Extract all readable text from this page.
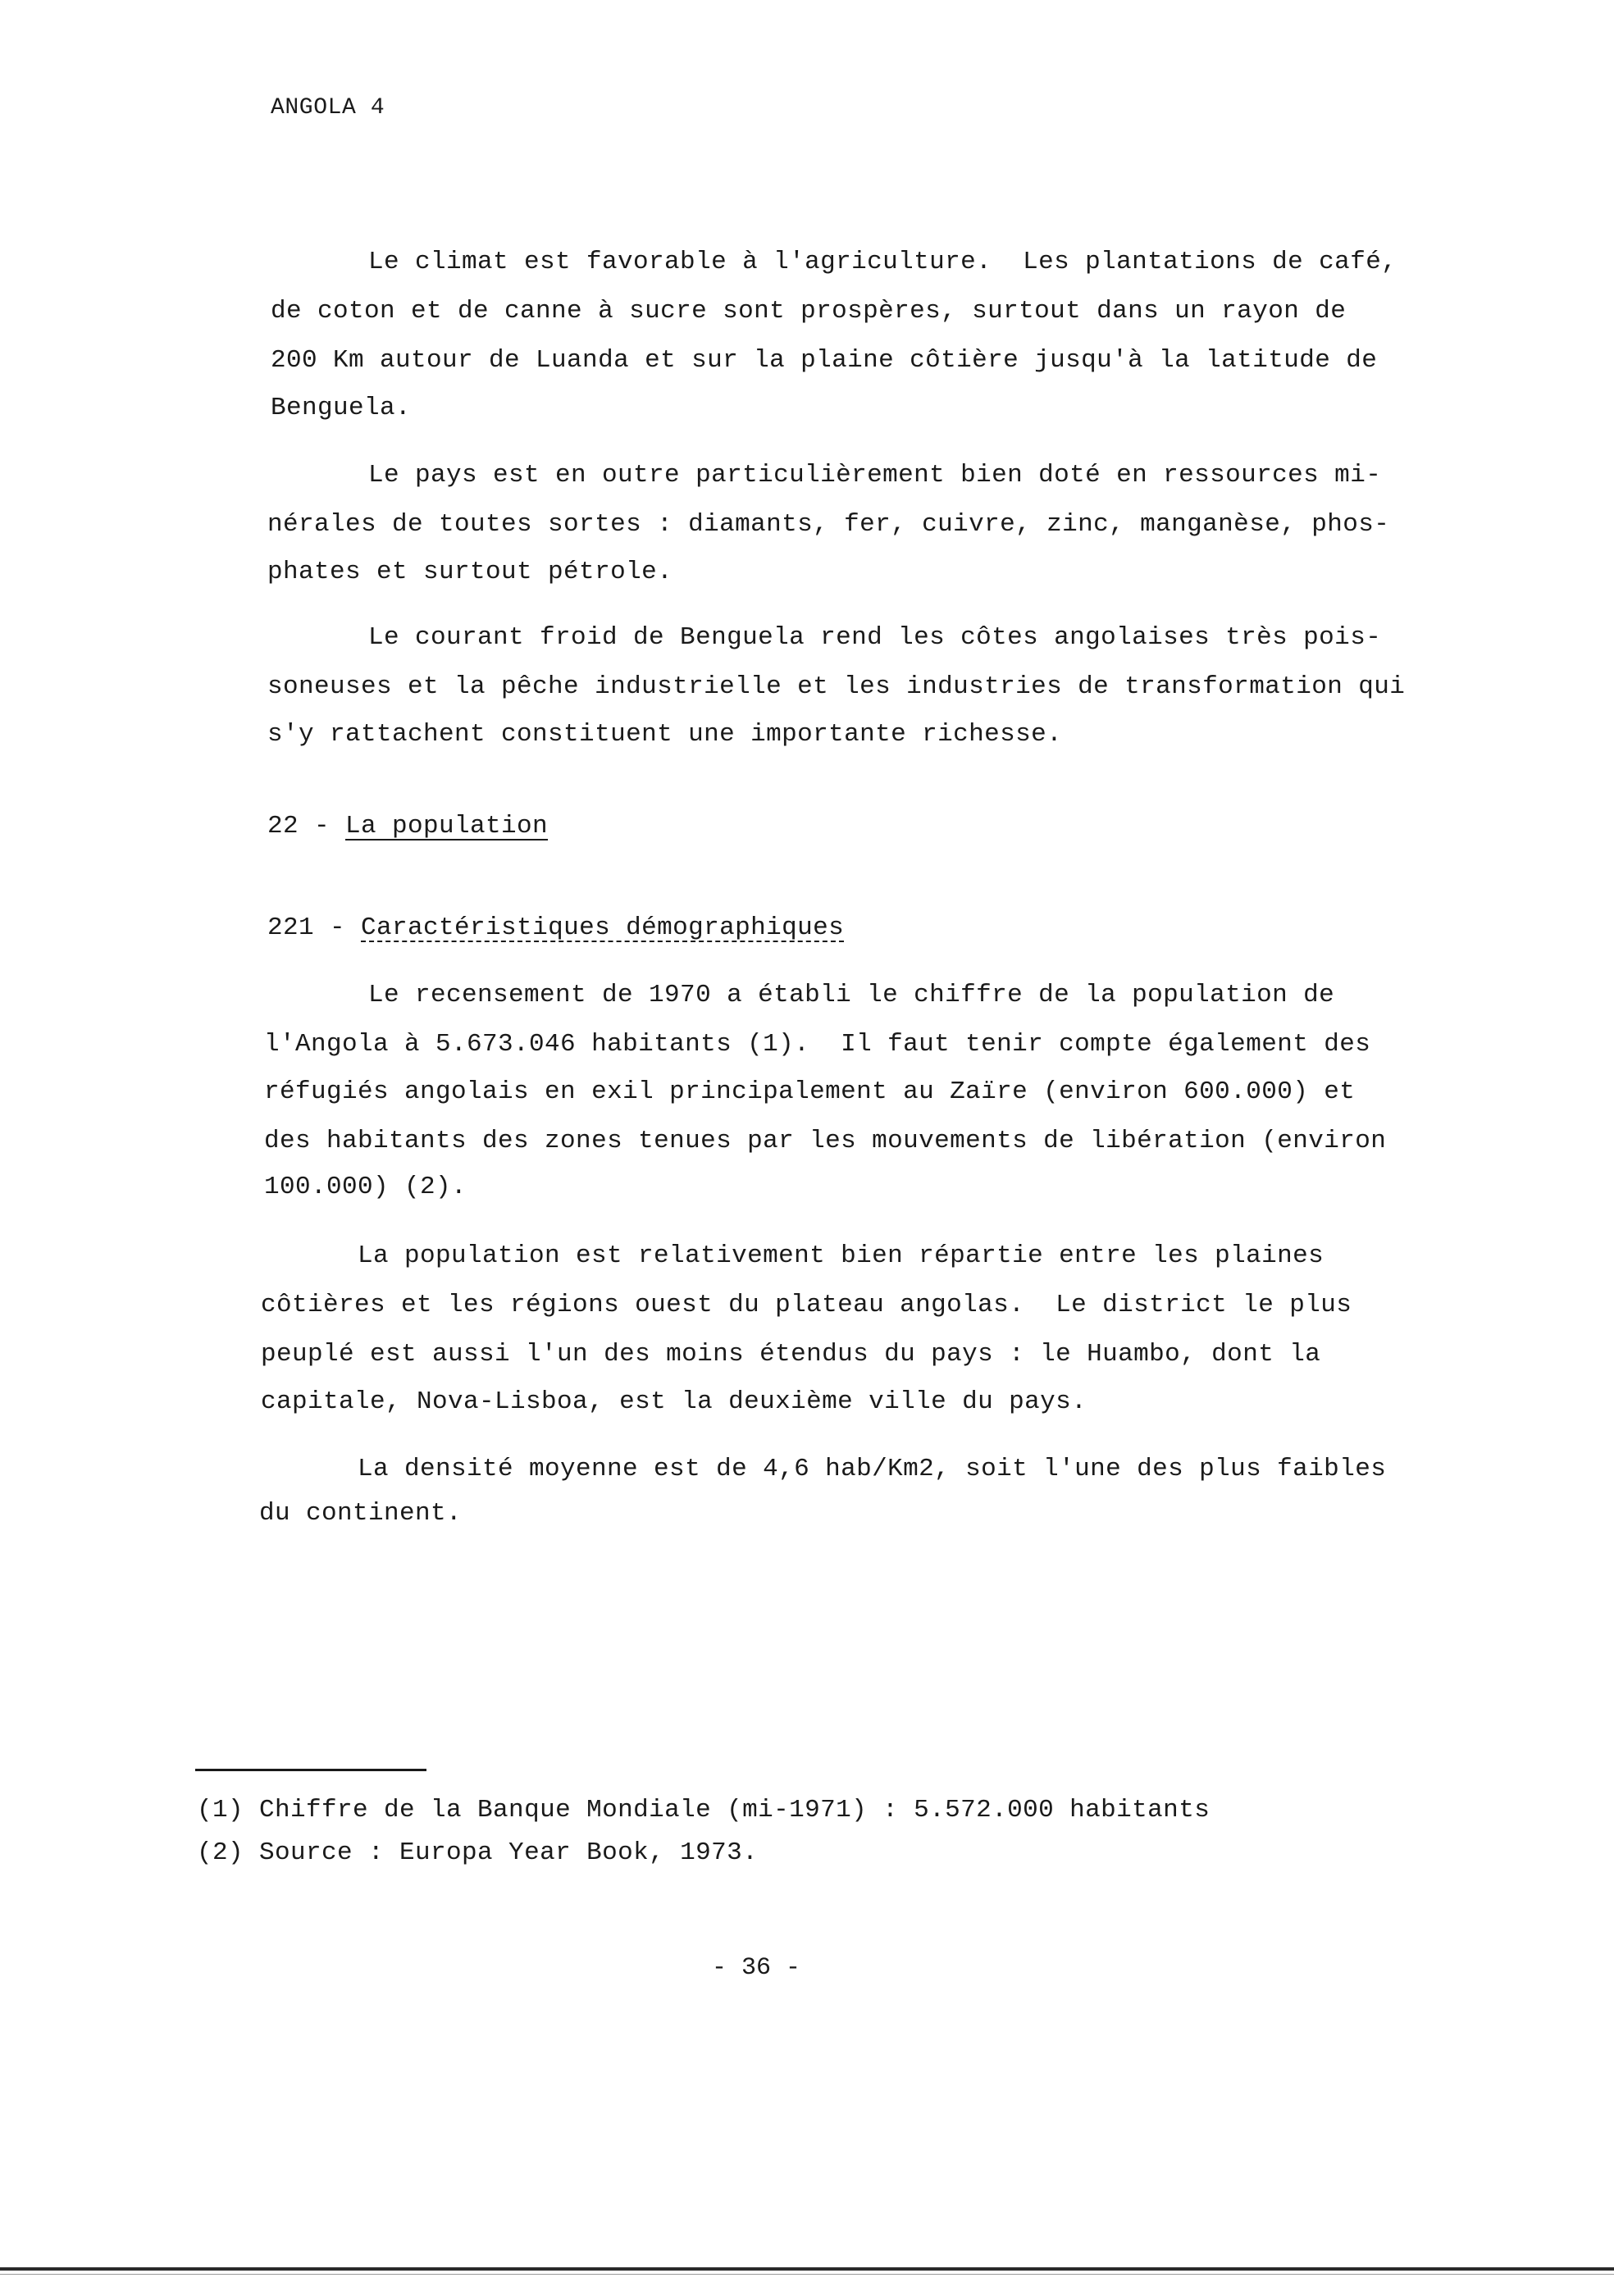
ANGOLA 4
Le climat est favorable à l'agriculture.  Les plantations de café,
de coton et de canne à sucre sont prospères, surtout dans un rayon de
200 Km autour de Luanda et sur la plaine côtière jusqu'à la latitude de
Benguela.
Le pays est en outre particulièrement bien doté en ressources mi-
nérales de toutes sortes : diamants, fer, cuivre, zinc, manganèse, phos-
phates et surtout pétrole.
Le courant froid de Benguela rend les côtes angolaises très pois-
soneuses et la pêche industrielle et les industries de transformation qui
s'y rattachent constituent une importante richesse.
22 - La population
221 - Caractéristiques démographiques
Le recensement de 1970 a établi le chiffre de la population de
l'Angola à 5.673.046 habitants (1).  Il faut tenir compte également des
réfugiés angolais en exil principalement au Zaïre (environ 600.000) et
des habitants des zones tenues par les mouvements de libération (environ
100.000) (2).
La population est relativement bien répartie entre les plaines
côtières et les régions ouest du plateau angolas.  Le district le plus
peuplé est aussi l'un des moins étendus du pays : le Huambo, dont la
capitale, Nova-Lisboa, est la deuxième ville du pays.
La densité moyenne est de 4,6 hab/Km2, soit l'une des plus faibles
du continent.
(1) Chiffre de la Banque Mondiale (mi-1971) : 5.572.000 habitants
(2) Source : Europa Year Book, 1973.
- 36 -
